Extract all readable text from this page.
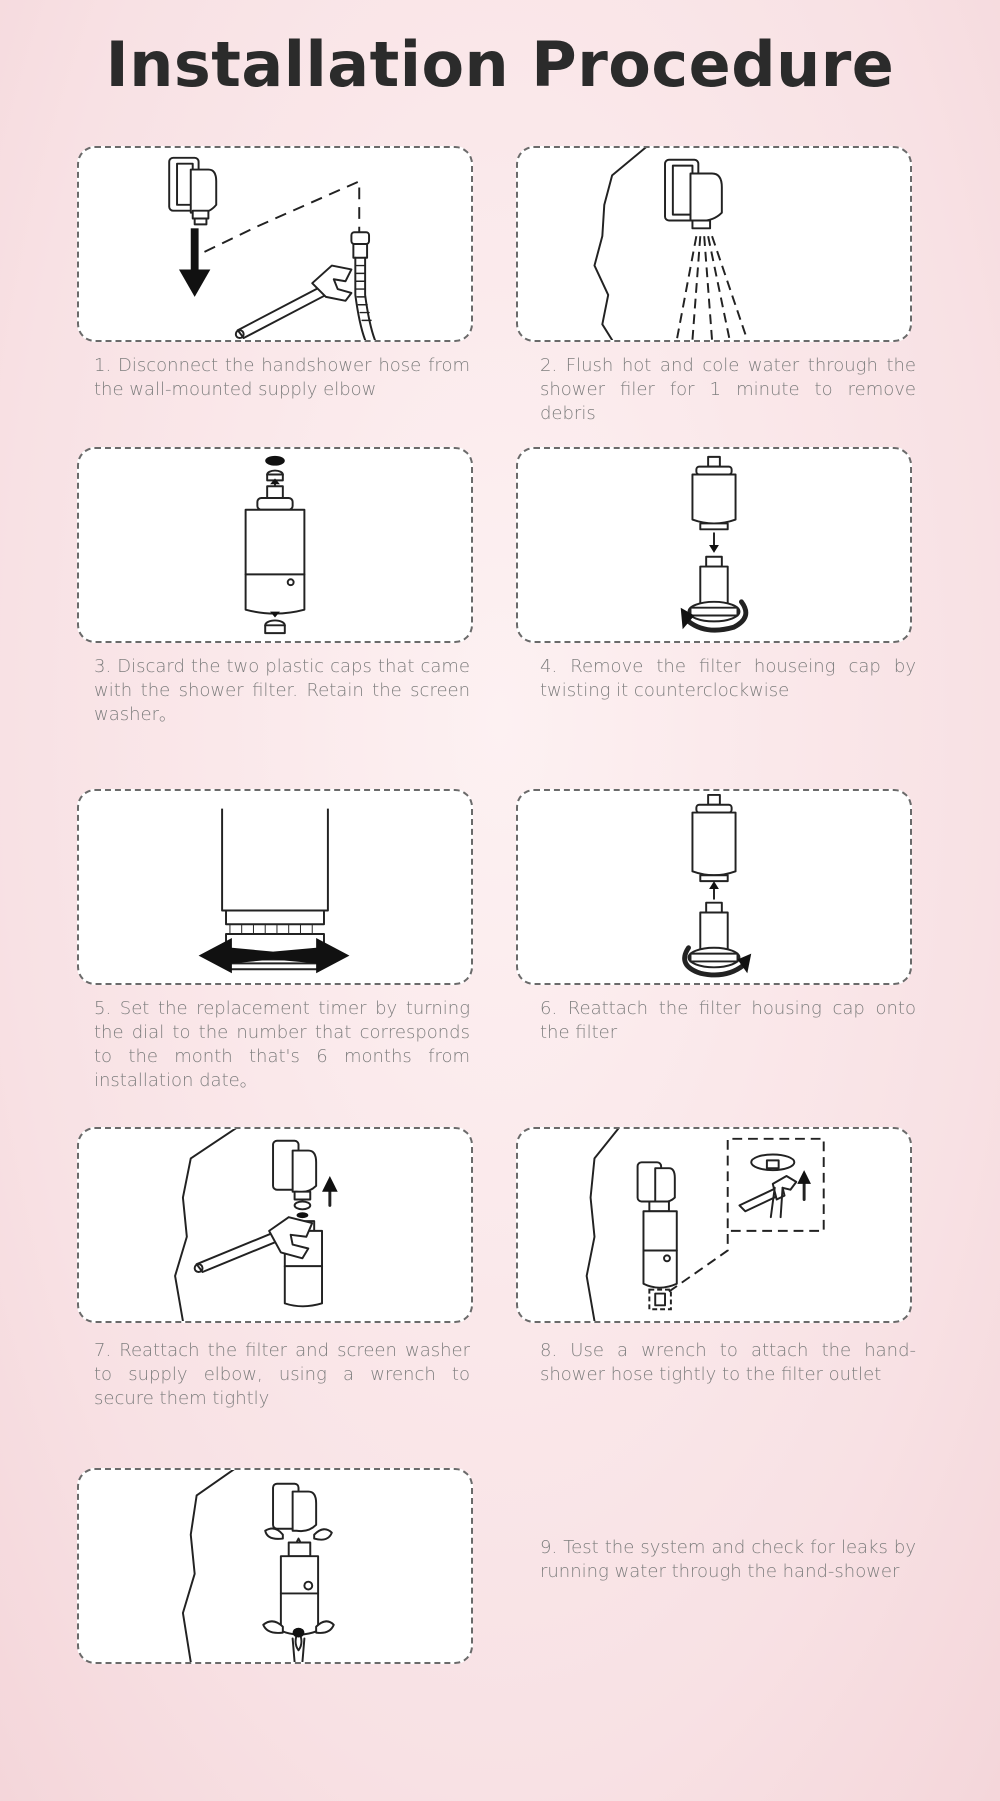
Installation Procedure

1. Disconnect the handshower hose from the wall-mounted supply elbow

2. Flush hot and cole water through the shower filer for 1 minute to remove debris

3. Discard the two plastic caps that came with the shower filter. Retain the screen washer。

4. Remove the filter houseing cap by twisting it counterclockwise

5. Set the replacement timer by turning the dial to the number that corresponds to the month that's 6 months from installation date。

6. Reattach the filter housing cap onto the filter

7. Reattach the filter and screen washer to supply elbow, using a wrench to secure them tightly

8. Use a wrench to attach the hand-shower hose tightly to the filter outlet

9. Test the system and check for leaks by running water through the hand-shower
